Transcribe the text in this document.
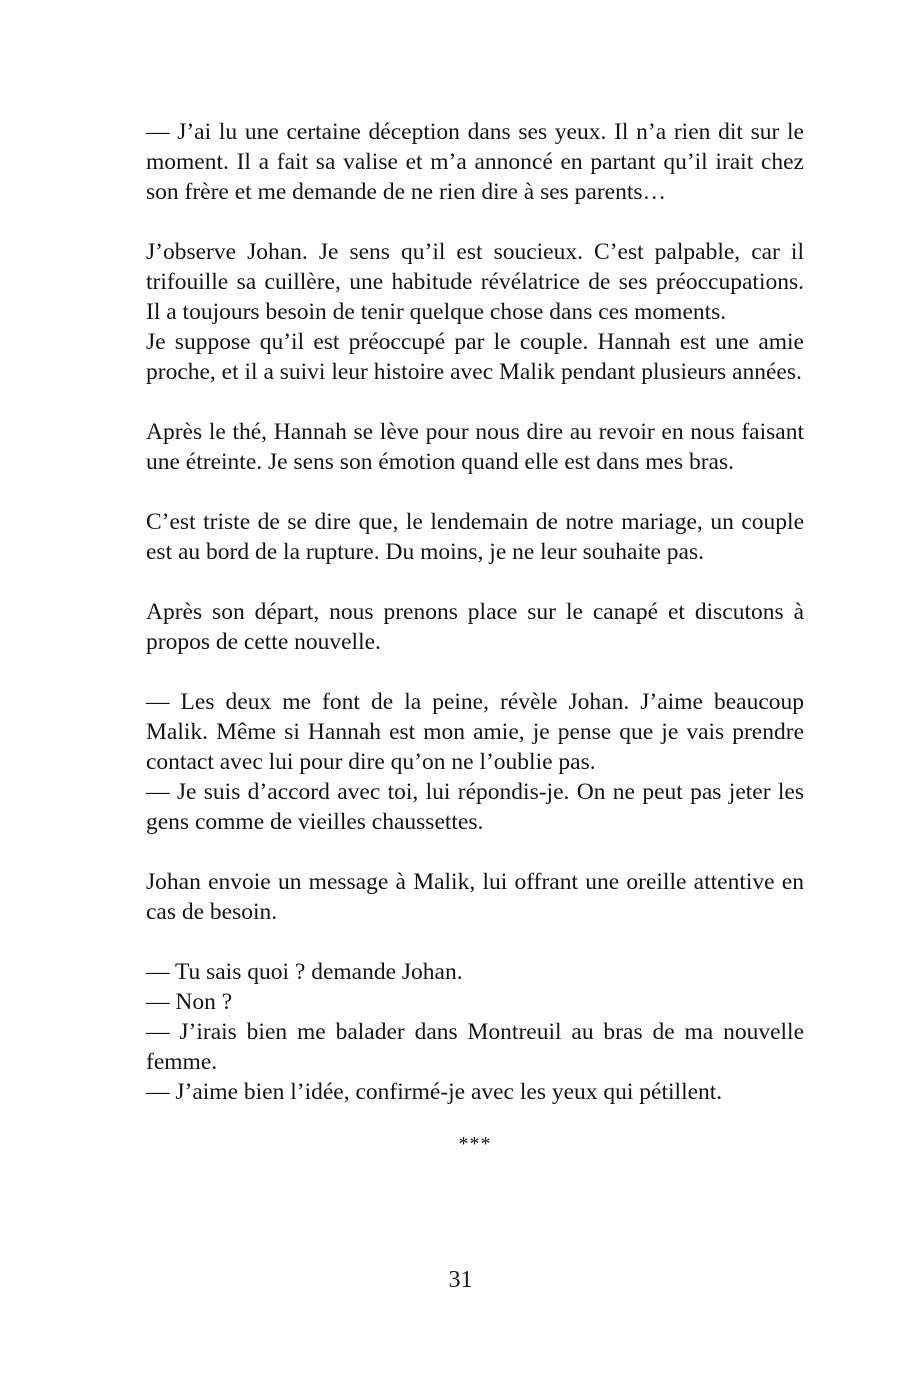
— J’ai lu une certaine déception dans ses yeux. Il n’a rien dit sur le moment. Il a fait sa valise et m’a annoncé en partant qu’il irait chez son frère et me demande de ne rien dire à ses parents…

J’observe Johan. Je sens qu’il est soucieux. C’est palpable, car il trifouille sa cuillère, une habitude révélatrice de ses préoccupations. Il a toujours besoin de tenir quelque chose dans ces moments.

Je suppose qu’il est préoccupé par le couple. Hannah est une amie proche, et il a suivi leur histoire avec Malik pendant plusieurs années.

Après le thé, Hannah se lève pour nous dire au revoir en nous faisant une étreinte. Je sens son émotion quand elle est dans mes bras.

C’est triste de se dire que, le lendemain de notre mariage, un couple est au bord de la rupture. Du moins, je ne leur souhaite pas.

Après son départ, nous prenons place sur le canapé et discutons à propos de cette nouvelle.

— Les deux me font de la peine, révèle Johan. J’aime beaucoup Malik. Même si Hannah est mon amie, je pense que je vais prendre contact avec lui pour dire qu’on ne l’oublie pas.

— Je suis d’accord avec toi, lui répondis-je. On ne peut pas jeter les gens comme de vieilles chaussettes.

Johan envoie un message à Malik, lui offrant une oreille attentive en cas de besoin.

— Tu sais quoi ? demande Johan.

— Non ?

— J’irais bien me balader dans Montreuil au bras de ma nouvelle femme.

— J’aime bien l’idée, confirmé-je avec les yeux qui pétillent.

***
31
